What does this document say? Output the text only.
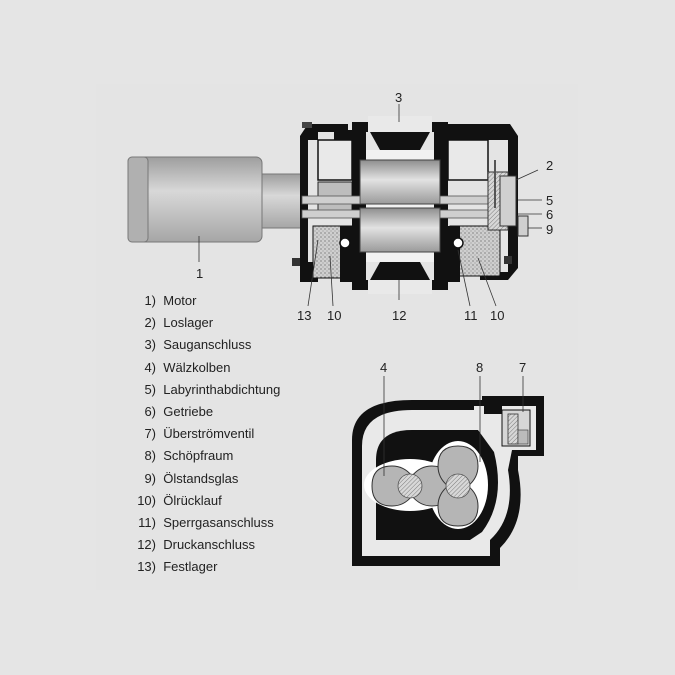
1
3
2
5
6
9
13 10	12	11 10
4	8	7
1) Motor
2) Loslager
3) Sauganschluss
4) Wälzkolben
5) Labyrinthabdichtung
6) Getriebe
7) Überströmventil
8) Schöpfraum
9) Ölstandsglas
10) Ölrücklauf
11) Sperrgasanschluss
12) Druckanschluss
13) Festlager
